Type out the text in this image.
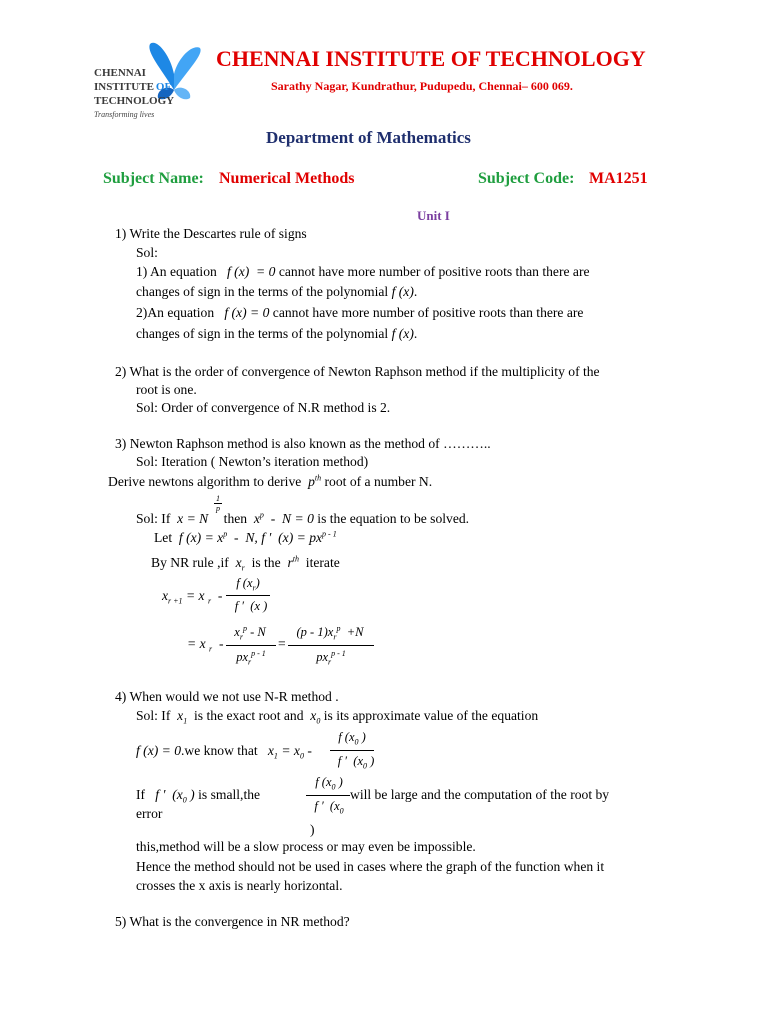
CHENNAI
INSTITUTE OF
TECHNOLOGY
Transforming lives
CHENNAI INSTITUTE OF TECHNOLOGY
Sarathy Nagar, Kundrathur, Pudupedu, Chennai– 600 069.
Department of Mathematics
Subject Name: Numerical Methods	Subject Code: MA1251
Unit I
1) Write the Descartes rule of signs
Sol:
1) An equation   f (x)  = 0 cannot have more number of positive roots than there are
changes of sign in the terms of the polynomial f (x).
2)An equation   f (x) = 0 cannot have more number of positive roots than there are
changes of sign in the terms of the polynomial f (x).
2) What is the order of convergence of Newton Raphson method if the multiplicity of the
root is one.
Sol: Order of convergence of N.R method is 2.
3) Newton Raphson method is also known as the method of ………..
Sol: Iteration ( Newton’s iteration method)
Derive newtons algorithm to derive  $p^{th}$ root of a number N.
Sol: If  x = N then  $x^p - N = 0$ is the equation to be solved.
1

p
Let  f $(x) = x^p - N$, f ′  $(x) = px^{p - 1}$
By NR rule ,if  $x_r$ is the  $r^{th}$ iterate
$x_{r +1} = x$ $_r$  -
f $(x_r)$
f ′  (x )
= x $_r$  -
$x_r^p$ - N
$px_r^{p - 1}$
=
$(p - 1)x_r^p +N$
$px_r^{p - 1}$
4) When would we not use N-R method .
Sol: If  $x_1$ is the exact root and  $x_0$ is its approximate value of the equation
f (x) = 0.we know that   $x_1 = x_0$ -
f ($x_0$ )
f ′  ($x_0$ )
If   f ′  ($x_0$ ) is small,the
f ($x_0$ )
f ′  ($x_0$
)
will be large and the computation of the root by
error
this,method will be a slow process or may even be impossible.
Hence the method should not be used in cases where the graph of the function when it
crosses the x axis is nearly horizontal.
5) What is the convergence in NR method?
